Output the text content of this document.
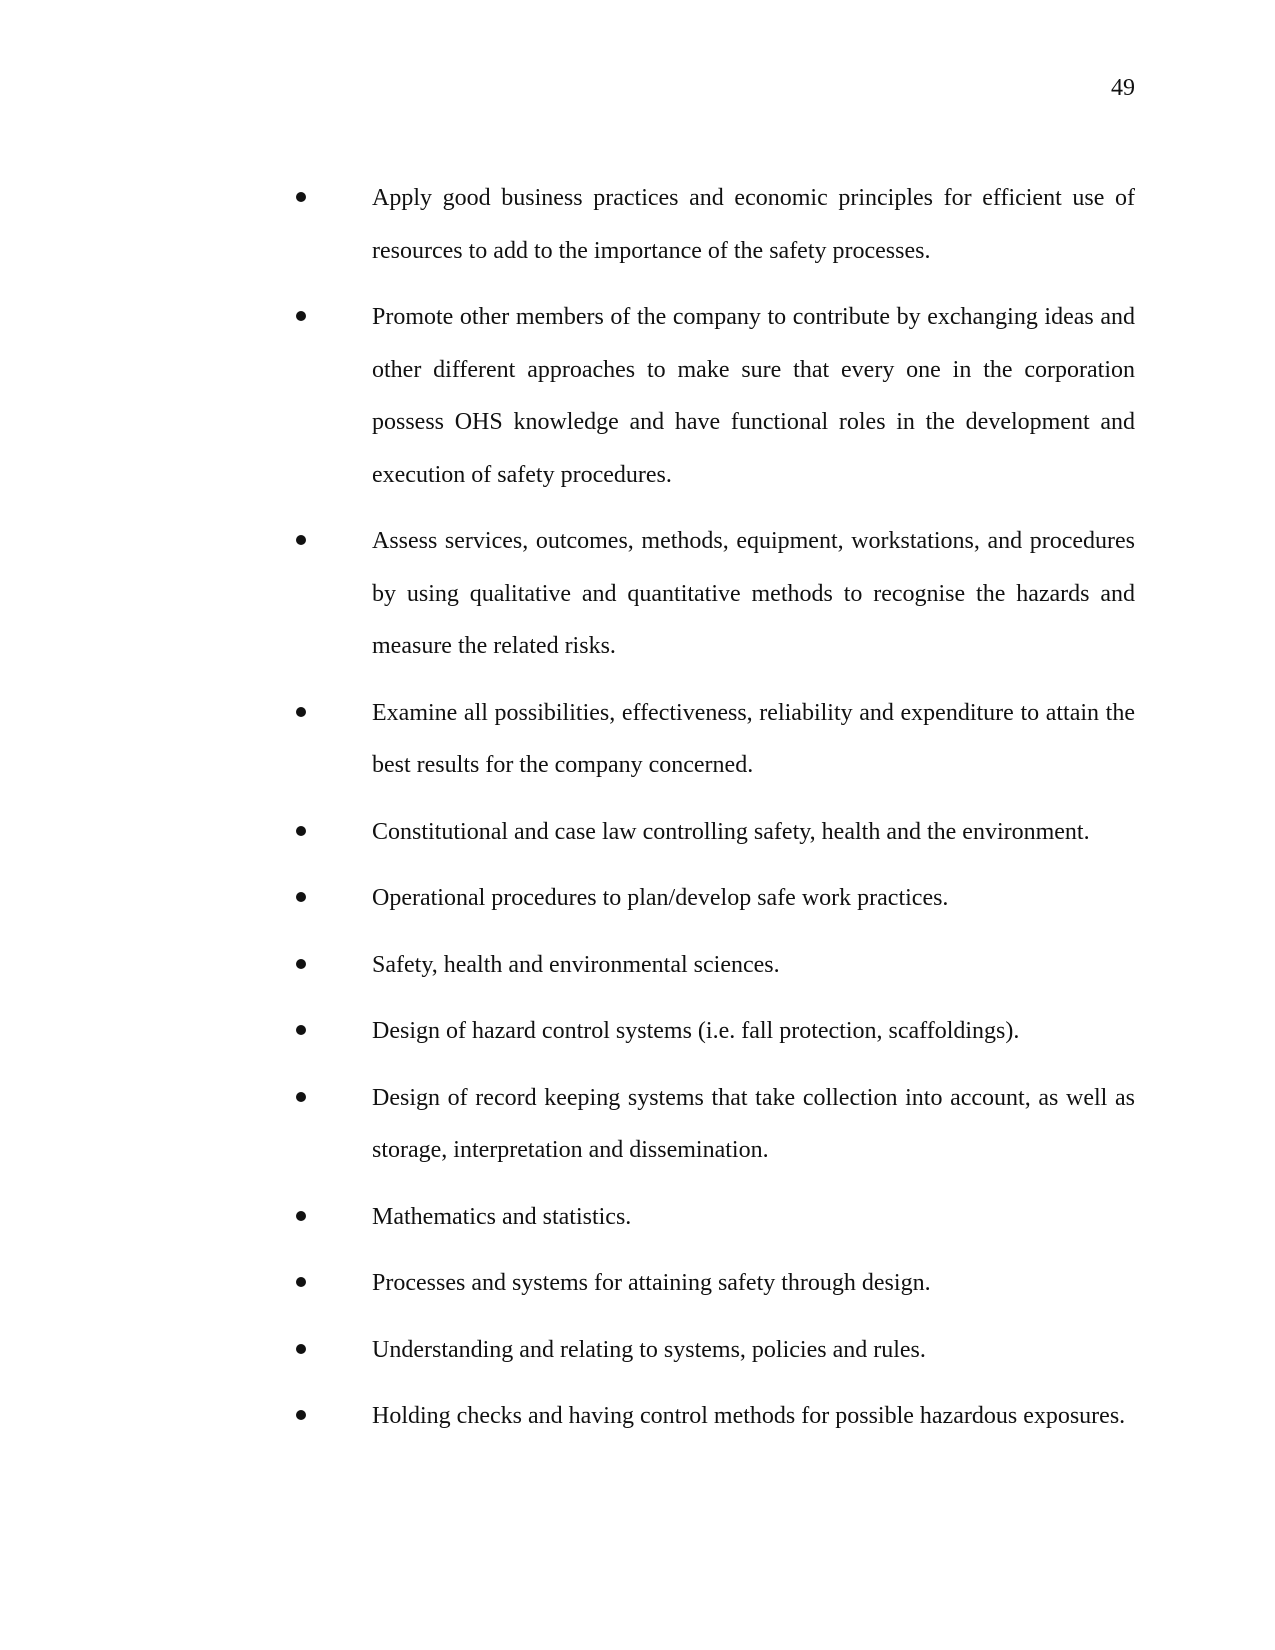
49
Apply good business practices and economic principles for efficient use of resources to add to the importance of the safety processes.
Promote other members of the company to contribute by exchanging ideas and other different approaches to make sure that every one in the corporation possess OHS knowledge and have functional roles in the development and execution of safety procedures.
Assess services, outcomes, methods, equipment, workstations, and procedures by using qualitative and quantitative methods to recognise the hazards and measure the related risks.
Examine all possibilities, effectiveness, reliability and expenditure to attain the best results for the company concerned.
Constitutional and case law controlling safety, health and the environment.
Operational procedures to plan/develop safe work practices.
Safety, health and environmental sciences.
Design of hazard control systems (i.e. fall protection, scaffoldings).
Design of record keeping systems that take collection into account, as well as storage, interpretation and dissemination.
Mathematics and statistics.
Processes and systems for attaining safety through design.
Understanding and relating to systems, policies and rules.
Holding checks and having control methods for possible hazardous exposures.
